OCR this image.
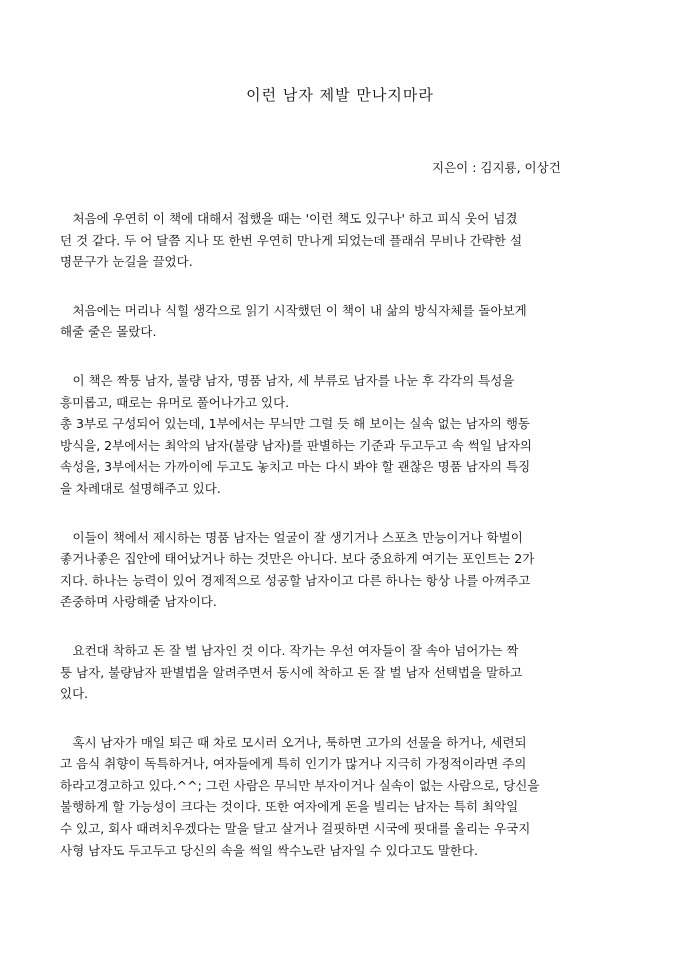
이런 남자 제발 만나지마라

지은이 : 김지룡, 이상건

　처음에 우연히 이 책에 대해서 접했을 때는 '이런 책도 있구나' 하고 피식 웃어 넘겼
던 것 같다. 두 어 달쯤 지나 또 한번 우연히 만나게 되었는데 플래쉬 무비나 간략한 설
명문구가 눈길을 끌었다.

　처음에는 머리나 식힐 생각으로 읽기 시작했던 이 책이 내 삶의 방식자체를 돌아보게
해줄 줄은 몰랐다.

　이 책은 짝퉁 남자, 불량 남자, 명품 남자, 세 부류로 남자를 나눈 후 각각의 특성을
흥미롭고, 때로는 유머로 풀어나가고 있다.
총 3부로 구성되어 있는데, 1부에서는 무늬만 그럴 듯 해 보이는 실속 없는 남자의 행동
방식을, 2부에서는 최악의 남자(불량 남자)를 판별하는 기준과 두고두고 속 썩일 남자의
속성을, 3부에서는 가까이에 두고도 놓치고 마는 다시 봐야 할 괜찮은 명품 남자의 특징
을 차례대로 설명해주고 있다.

　이들이 책에서 제시하는 명품 남자는 얼굴이 잘 생기거나 스포츠 만능이거나 학벌이
좋거나좋은 집안에 태어났거나 하는 것만은 아니다. 보다 중요하게 여기는 포인트는 2가
지다. 하나는 능력이 있어 경제적으로 성공할 남자이고 다른 하나는 항상 나를 아껴주고
존중하며 사랑해줄 남자이다.

　요컨대 착하고 돈 잘 벌 남자인 것 이다. 작가는 우선 여자들이 잘 속아 넘어가는 짝
퉁 남자, 불량남자 판별법을 알려주면서 동시에 착하고 돈 잘 벌 남자 선택법을 말하고
있다.

　혹시 남자가 매일 퇴근 때 차로 모시러 오거나, 툭하면 고가의 선물을 하거나, 세련되
고 음식 취향이 독특하거나, 여자들에게 특히 인기가 많거나 지극히 가정적이라면 주의
하라고경고하고 있다.^^; 그런 사람은 무늬만 부자이거나 실속이 없는 사람으로, 당신을
불행하게 할 가능성이 크다는 것이다. 또한 여자에게 돈을 빌리는 남자는 특히 최악일
수 있고, 회사 때려치우겠다는 말을 달고 살거나 걸핏하면 시국에 핏대를 올리는 우국지
사형 남자도 두고두고 당신의 속을 썩일 싹수노란 남자일 수 있다고도 말한다.
